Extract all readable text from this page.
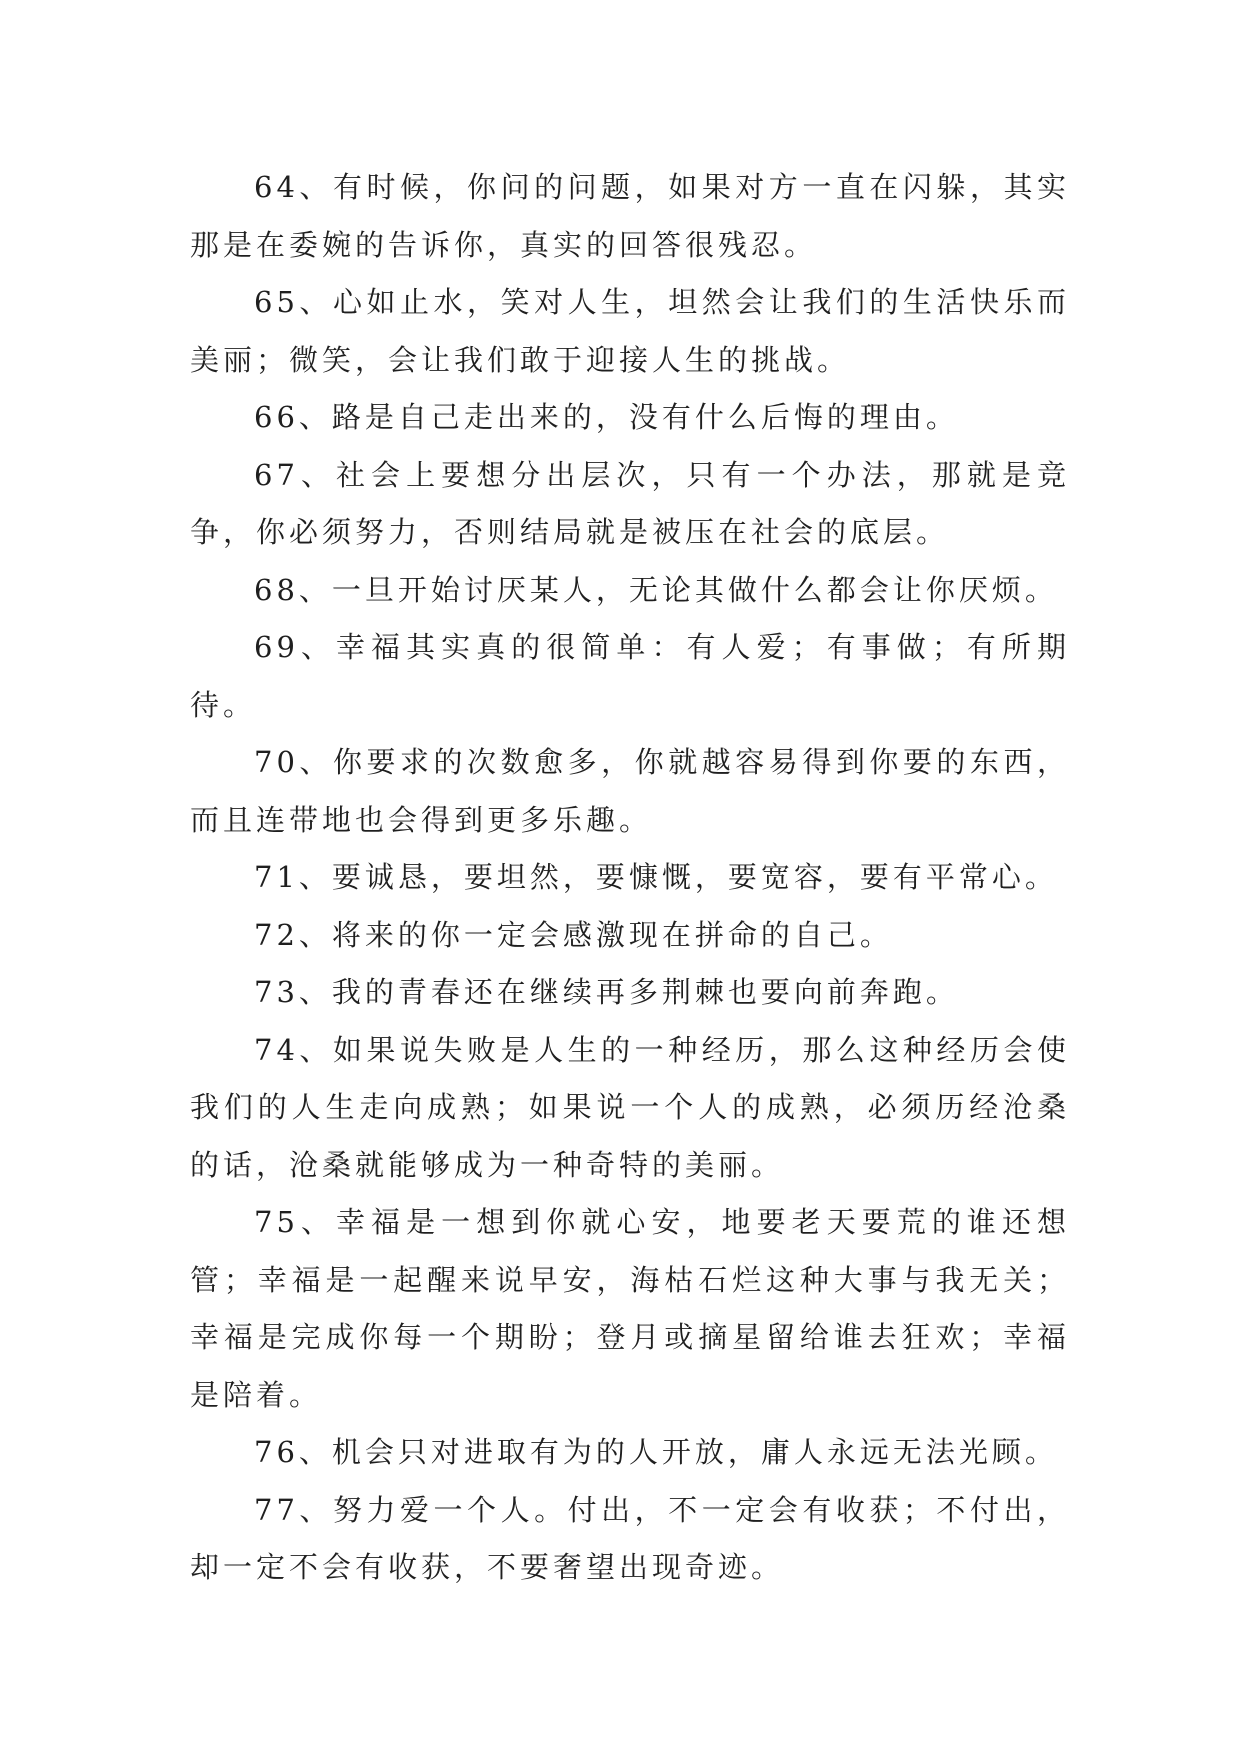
64、有时候，你问的问题，如果对方一直在闪躲，其实那是在委婉的告诉你，真实的回答很残忍。

65、心如止水，笑对人生，坦然会让我们的生活快乐而美丽；微笑，会让我们敢于迎接人生的挑战。

66、路是自己走出来的，没有什么后悔的理由。

67、社会上要想分出层次，只有一个办法，那就是竞争，你必须努力，否则结局就是被压在社会的底层。

68、一旦开始讨厌某人，无论其做什么都会让你厌烦。

69、幸福其实真的很简单：有人爱；有事做；有所期待。

70、你要求的次数愈多，你就越容易得到你要的东西，而且连带地也会得到更多乐趣。

71、要诚恳，要坦然，要慷慨，要宽容，要有平常心。

72、将来的你一定会感激现在拼命的自己。

73、我的青春还在继续再多荆棘也要向前奔跑。

74、如果说失败是人生的一种经历，那么这种经历会使我们的人生走向成熟；如果说一个人的成熟，必须历经沧桑的话，沧桑就能够成为一种奇特的美丽。

75、幸福是一想到你就心安，地要老天要荒的谁还想管；幸福是一起醒来说早安，海枯石烂这种大事与我无关；幸福是完成你每一个期盼；登月或摘星留给谁去狂欢；幸福是陪着。

76、机会只对进取有为的人开放，庸人永远无法光顾。

77、努力爱一个人。付出，不一定会有收获；不付出，却一定不会有收获，不要奢望出现奇迹。
